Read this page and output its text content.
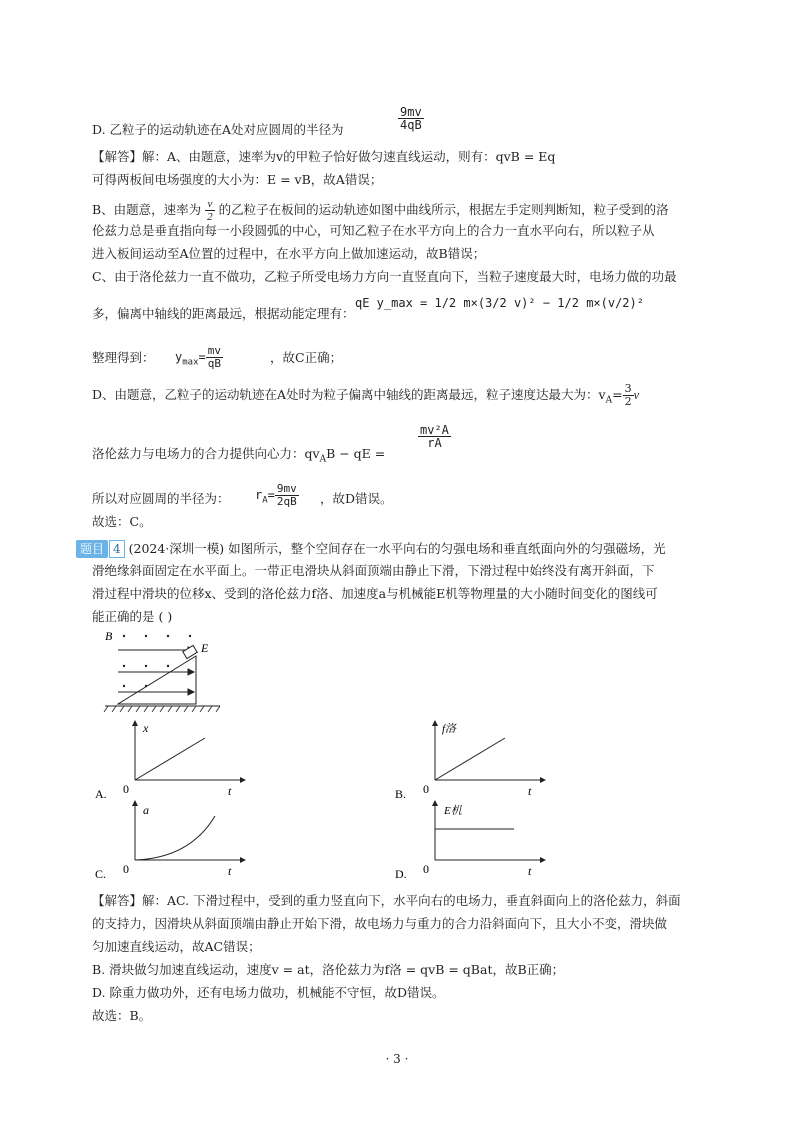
D. 乙粒子的运动轨迹在A处对应圆周的半径为	$\frac{9mv}{4qB}$
【解答】解：A、由题意，速率为v的甲粒子恰好做匀速直线运动，则有：qvB = Eq
可得两板间电场强度的大小为：E = vB，故A错误；
B、由题意，速率为 $\frac{v}{2}$ 的乙粒子在板间的运动轨迹如图中曲线所示，根据左手定则判断知，粒子受到的洛
伦兹力总是垂直指向每一小段圆弧的中心，可知乙粒子在水平方向上的合力一直水平向右，所以粒子从
进入板间运动至A位置的过程中，在水平方向上做加速运动，故B错误；
C、由于洛伦兹力一直不做功，乙粒子所受电场力方向一直竖直向下，当粒子速度最大时，电场力做的功最
多，偏离中轴线的距离最远，根据动能定理有：
qE y_max = 1/2 m×(3/2 v)² − 1/2 m×(v/2)²
整理得到： $y_{max}= \frac{mv}{qB}$	，故C正确；
D、由题意，乙粒子的运动轨迹在A处时为粒子偏离中轴线的距离最远，粒子速度达最大为：$v_A= \frac{3}{2}$ v
洛伦兹力与电场力的合力提供向心力：$qv_AB$ − qE =
$\frac{\text{mv²A}}{rA}$
所以对应圆周的半径为： $r_A= \frac{9mv}{2qB}$ ，故D错误。
故选：C。
题目 4 (2024·深圳一模) 如图所示，整个空间存在一水平向右的匀强电场和垂直纸面向外的匀强磁场，光
滑绝缘斜面固定在水平面上。一带正电滑块从斜面顶端由静止下滑，下滑过程中始终没有离开斜面，下
滑过程中滑块的位移x、受到的洛伦兹力f洛、加速度a与机械能E机等物理量的大小随时间变化的图线可
能正确的是 ( )
B
E
A.
x
t
0	B.
f洛
t
0
C.
a
t
0	D.
E机
t
0
【解答】解：AC. 下滑过程中，受到的重力竖直向下，水平向右的电场力，垂直斜面向上的洛伦兹力，斜面
的支持力，因滑块从斜面顶端由静止开始下滑，故电场力与重力的合力沿斜面向下，且大小不变，滑块做
匀加速直线运动，故AC错误；
B. 滑块做匀加速直线运动，速度v = at，洛伦兹力为f洛 = qvB = qBat，故B正确；
D. 除重力做功外，还有电场力做功，机械能不守恒，故D错误。
故选：B。
· 3 ·
